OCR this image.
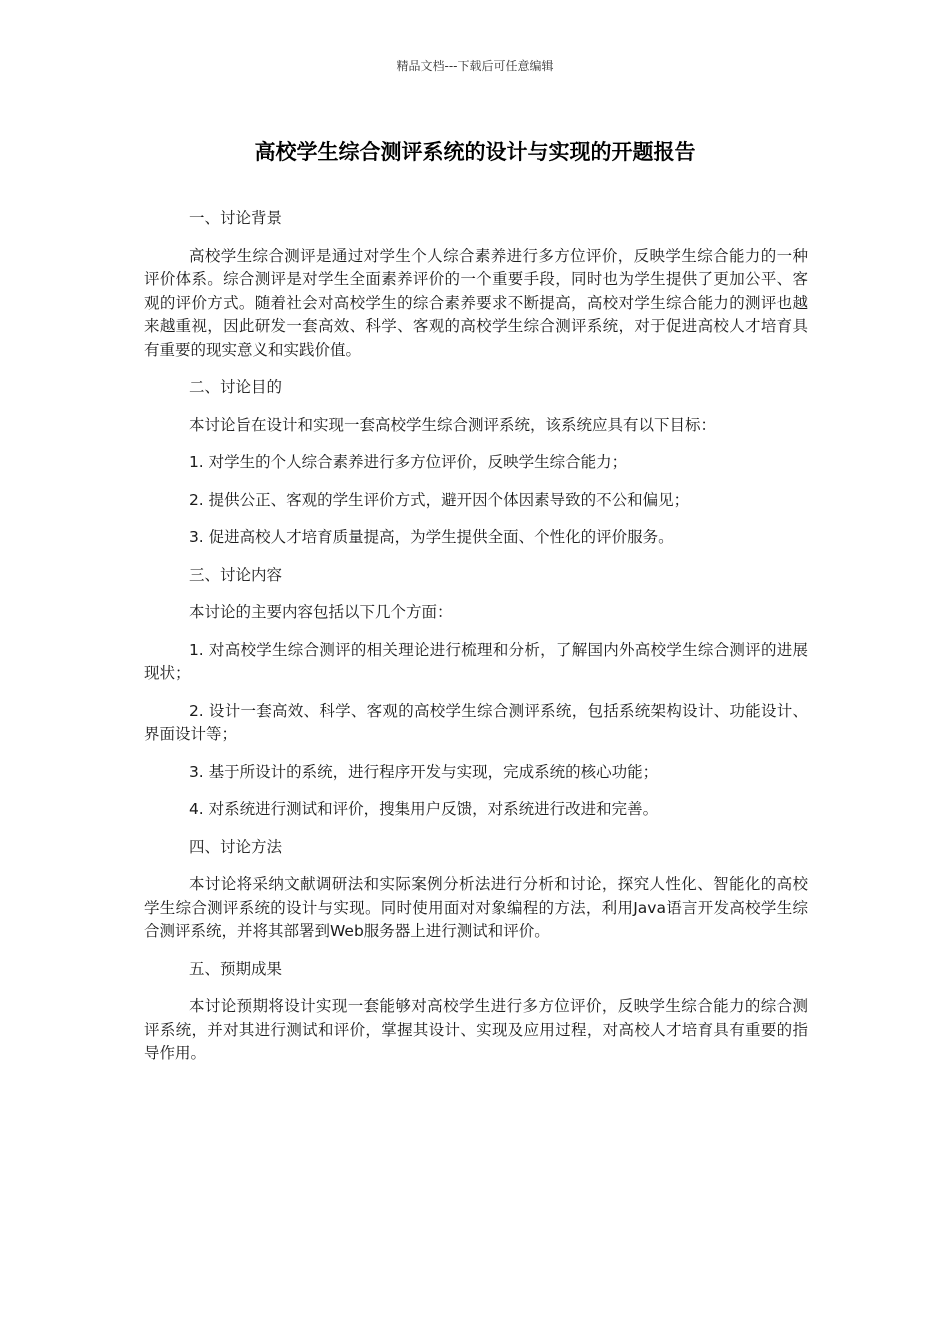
精品文档---下载后可任意编辑
高校学生综合测评系统的设计与实现的开题报告

一、讨论背景

高校学生综合测评是通过对学生个人综合素养进行多方位评价，反映学生综合能力的一种评价体系。综合测评是对学生全面素养评价的一个重要手段，同时也为学生提供了更加公平、客观的评价方式。随着社会对高校学生的综合素养要求不断提高，高校对学生综合能力的测评也越来越重视，因此研发一套高效、科学、客观的高校学生综合测评系统，对于促进高校人才培育具有重要的现实意义和实践价值。

二、讨论目的

本讨论旨在设计和实现一套高校学生综合测评系统，该系统应具有以下目标：

1. 对学生的个人综合素养进行多方位评价，反映学生综合能力；

2. 提供公正、客观的学生评价方式，避开因个体因素导致的不公和偏见；

3. 促进高校人才培育质量提高，为学生提供全面、个性化的评价服务。

三、讨论内容

本讨论的主要内容包括以下几个方面：

1. 对高校学生综合测评的相关理论进行梳理和分析，了解国内外高校学生综合测评的进展现状；

2. 设计一套高效、科学、客观的高校学生综合测评系统，包括系统架构设计、功能设计、界面设计等；

3. 基于所设计的系统，进行程序开发与实现，完成系统的核心功能；

4. 对系统进行测试和评价，搜集用户反馈，对系统进行改进和完善。

四、讨论方法

本讨论将采纳文献调研法和实际案例分析法进行分析和讨论，探究人性化、智能化的高校学生综合测评系统的设计与实现。同时使用面对对象编程的方法，利用Java语言开发高校学生综合测评系统，并将其部署到Web服务器上进行测试和评价。

五、预期成果

本讨论预期将设计实现一套能够对高校学生进行多方位评价，反映学生综合能力的综合测评系统，并对其进行测试和评价，掌握其设计、实现及应用过程，对高校人才培育具有重要的指导作用。
